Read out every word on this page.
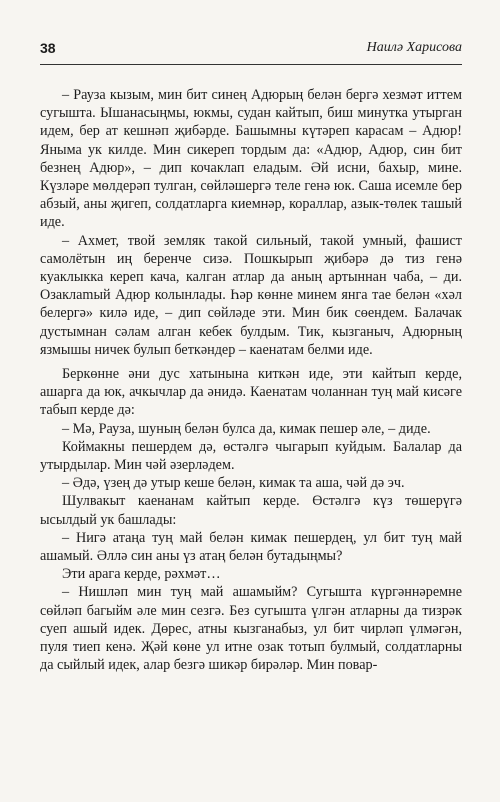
38	Наилә Харисова

– Рауза кызым, мин бит синең Адюрың белән бергә хезмәт иттем сугышта. Ышанасыңмы, юкмы, судан кайтып, биш минутка утырган идем, бер ат кешнәп җибәрде. Башымны күтәреп карасам – Адюр! Яныма ук килде. Мин сикереп тордым да: «Адюр, Адюр, син бит безнең Адюр», – дип кочаклап еладым. Әй исни, бахыр, мине. Күзләре мөлдерәп тулган, сөйләшергә теле генә юк. Саша исемле бер абзый, аны җигеп, солдатларга киемнәр, кораллар, азык-төлек ташый иде.

– Ахмет, твой земляк такой сильный, такой умный, фашист самолётын иң беренче сизә. Пошкырып җибәрә дә тиз генә куаклыкка кереп кача, калган атлар да аның артыннан чаба, – ди. Озаклаmый Адюр колынлады. Һәр көнне минем янга тае белән «хәл белергә» килә иде, – дип сөйләде эти. Мин бик сөендем. Балачак дустымнан сәлам алган кебек булдым. Тик, кызганыч, Адюрның язмышы ничек булып беткәндер – каенатам белми иде.

Беркөнне әни дус хатынына киткән иде, эти кайтып керде, ашарга да юк, ачкычлар да әнидә. Каенатам чоланнан туң май кисәге табып керде дә:

– Мә, Рауза, шуның белән булса да, кимак пешер әле, – диде.

Коймакны пешердем дә, өстәлгә чыгарып куйдым. Балалар да утырдылар. Мин чәй әзерләдем.

– Әдә, үзең дә утыр кеше белән, кимак та аша, чәй дә эч.

Шулвакыт каенанам кайтып керде. Өстәлгә күз төшерүгә ысылдый ук башлады:

– Нигә атаңа туң май белән кимак пешердең, ул бит туң май ашамый. Әллә син аны үз атаң белән бутадыңмы?

Эти арага керде, рәхмәт…

– Нишләп мин туң май ашамыйм? Сугышта күргәннәремне сөйләп багыйм әле мин сезгә. Без сугышта үлгән атларны да тизрәк суеп ашый идек. Дөрес, атны кызганабыз, ул бит чирләп үлмәгән, пуля тиеп кенә. Җәй көне ул итне озак тотып булмый, солдатларны да сыйлый идек, алар безгә шикәр бирәләр. Мин повар-
